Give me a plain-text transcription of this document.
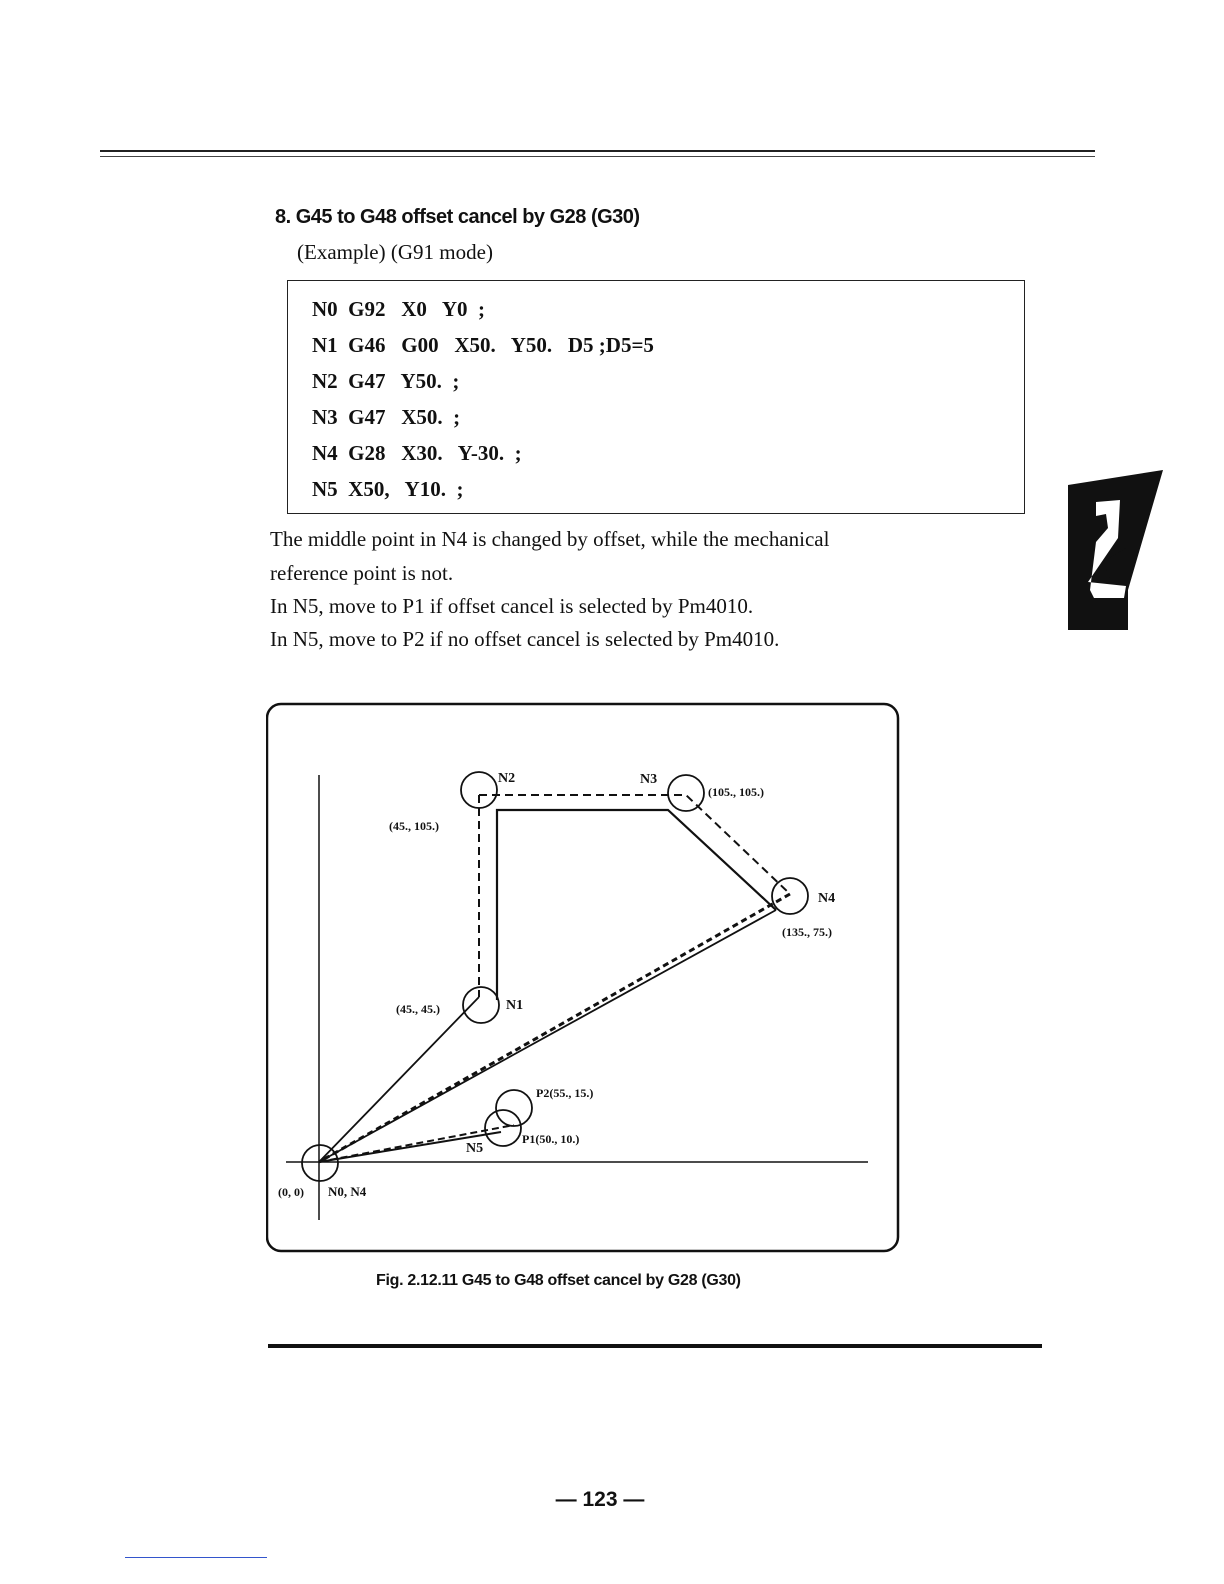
8. G45 to G48 offset cancel by G28 (G30)
(Example) (G91 mode)
N0  G92   X0   Y0  ;
N1  G46   G00   X50.   Y50.   D5 ;D5=5
N2  G47   Y50.  ;
N3  G47   X50.  ;
N4  G28   X30.   Y-30.  ;
N5  X50,   Y10.  ;
The middle point in N4 is changed by offset, while the mechanical
reference point is not.
In N5, move to P1 if offset cancel is selected by Pm4010.
In N5, move to P2 if no offset cancel is selected by Pm4010.
N2	N3
(105., 105.)
(45., 105.)
N4
(135., 75.)
(45., 45.)	N1
P2(55., 15.)
P1(50., 10.)
N5
(0, 0) N0, N4
Fig. 2.12.11 G45 to G48 offset cancel by G28 (G30)
— 123 —
